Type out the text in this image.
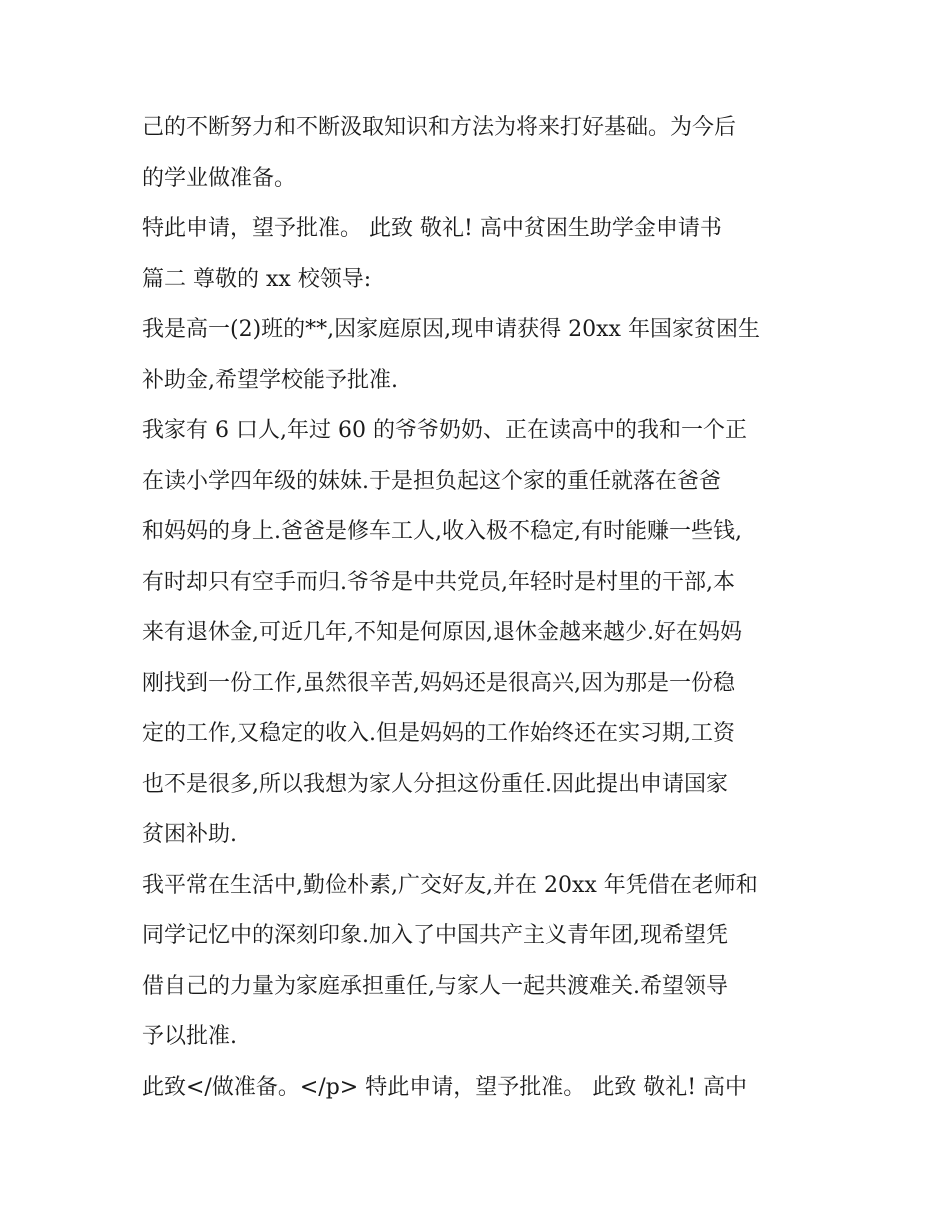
己的不断努力和不断汲取知识和方法为将来打好基础。为今后

的学业做准备。

特此申请，望予批准。 此致 敬礼! 高中贫困生助学金申请书

篇二 尊敬的 xx 校领导:

我是高一(2)班的**,因家庭原因,现申请获得 20xx 年国家贫困生

补助金,希望学校能予批准.

我家有 6 口人,年过 60 的爷爷奶奶、正在读高中的我和一个正

在读小学四年级的妹妹.于是担负起这个家的重任就落在爸爸

和妈妈的身上.爸爸是修车工人,收入极不稳定,有时能赚一些钱,

有时却只有空手而归.爷爷是中共党员,年轻时是村里的干部,本

来有退休金,可近几年,不知是何原因,退休金越来越少.好在妈妈

刚找到一份工作,虽然很辛苦,妈妈还是很高兴,因为那是一份稳

定的工作,又稳定的收入.但是妈妈的工作始终还在实习期,工资

也不是很多,所以我想为家人分担这份重任.因此提出申请国家

贫困补助.

我平常在生活中,勤俭朴素,广交好友,并在 20xx 年凭借在老师和

同学记忆中的深刻印象.加入了中国共产主义青年团,现希望凭

借自己的力量为家庭承担重任,与家人一起共渡难关.希望领导

予以批准.

此致</做准备。</p> 特此申请，望予批准。 此致 敬礼! 高中
